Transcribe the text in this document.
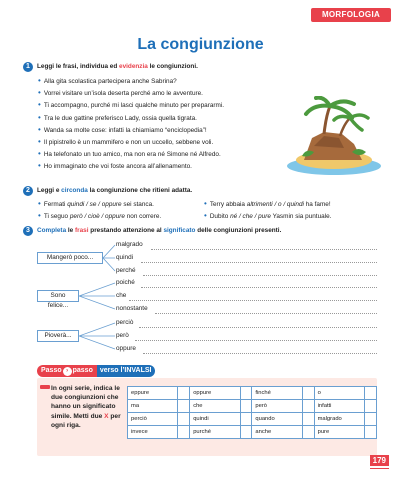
MORFOLOGIA
La congiunzione
1	Leggi le frasi, individua ed evidenzia le congiunzioni.
• Alla gita scolastica partecipera anche Sabrina?
• Vorrei visitare un’isola deserta perché amo le avventure.
• Ti accompagno, purché mi lasci qualche minuto per prepararmi.
• Tra le due gattine preferisco Lady, ossia quella tigrata.
• Wanda sa molte cose: infatti la chiamiamo “enciclopedia”!
• Il pipistrello è un mammifero e non un uccello, sebbene voli.
• Ha telefonato un tuo amico, ma non era né Simone né Alfredo.
• Ho immaginato che voi foste ancora all’allenamento.
2	Leggi e circonda la congiunzione che ritieni adatta.
• Fermati quindi / se / oppure sei stanca.
• Ti seguo però / cioè / oppure non correre.
• Terry abbaia altrimenti / o / quindi ha fame!
• Dubito né / che / pure Yasmin sia puntuale.
3	Completa le frasi prestando attenzione al significato delle congiunzioni presenti.
Mangerò poco...
malgrado
quindi
perché
Sono felice...
poiché
che
nonostante
Pioverà...
perciò
però
oppure
Passo › passo	verso l’INVALSI
In ogni serie, indica le due congiunzioni che hanno un significato simile. Metti due X per ogni riga.
eppure		oppure		finché		o	
ma		che		però		infatti	
perciò		quindi		quando		malgrado	
invece		purché		anche		pure	
179
